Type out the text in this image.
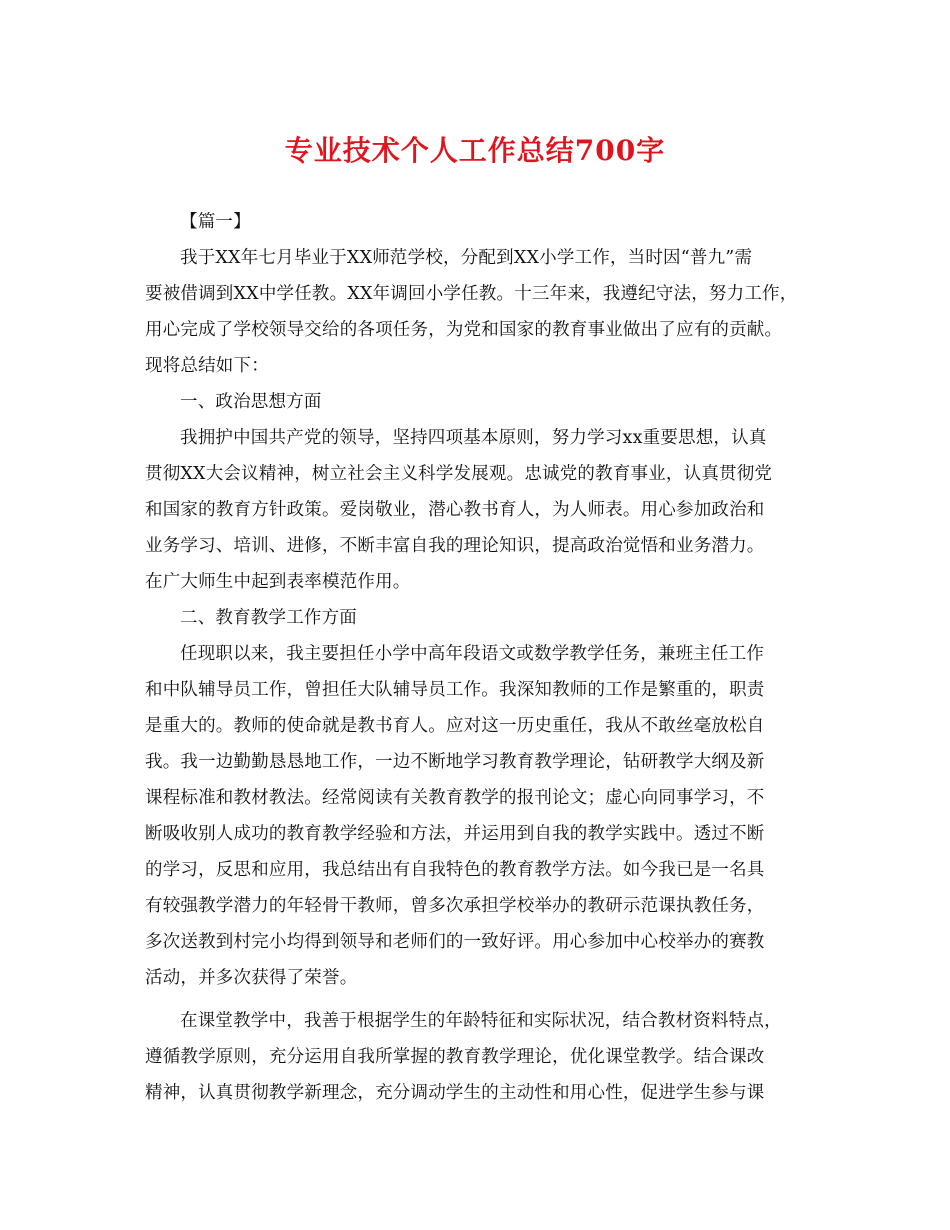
专业技术个人工作总结700字
【篇一】
我于XX年七月毕业于XX师范学校，分配到XX小学工作，当时因“普九”需
要被借调到XX中学任教。XX年调回小学任教。十三年来，我遵纪守法，努力工作，
用心完成了学校领导交给的各项任务，为党和国家的教育事业做出了应有的贡献。
现将总结如下：
一、政治思想方面
我拥护中国共产党的领导，坚持四项基本原则，努力学习xx重要思想，认真
贯彻XX大会议精神，树立社会主义科学发展观。忠诚党的教育事业，认真贯彻党
和国家的教育方针政策。爱岗敬业，潜心教书育人，为人师表。用心参加政治和
业务学习、培训、进修，不断丰富自我的理论知识，提高政治觉悟和业务潜力。
在广大师生中起到表率模范作用。
二、教育教学工作方面
任现职以来，我主要担任小学中高年段语文或数学教学任务，兼班主任工作
和中队辅导员工作，曾担任大队辅导员工作。我深知教师的工作是繁重的，职责
是重大的。教师的使命就是教书育人。应对这一历史重任，我从不敢丝毫放松自
我。我一边勤勤恳恳地工作，一边不断地学习教育教学理论，钻研教学大纲及新
课程标准和教材教法。经常阅读有关教育教学的报刊论文；虚心向同事学习，不
断吸收别人成功的教育教学经验和方法，并运用到自我的教学实践中。透过不断
的学习，反思和应用，我总结出有自我特色的教育教学方法。如今我已是一名具
有较强教学潜力的年轻骨干教师，曾多次承担学校举办的教研示范课执教任务，
多次送教到村完小均得到领导和老师们的一致好评。用心参加中心校举办的赛教
活动，并多次获得了荣誉。
在课堂教学中，我善于根据学生的年龄特征和实际状况，结合教材资料特点，
遵循教学原则，充分运用自我所掌握的教育教学理论，优化课堂教学。结合课改
精神，认真贯彻教学新理念，充分调动学生的主动性和用心性，促进学生参与课
